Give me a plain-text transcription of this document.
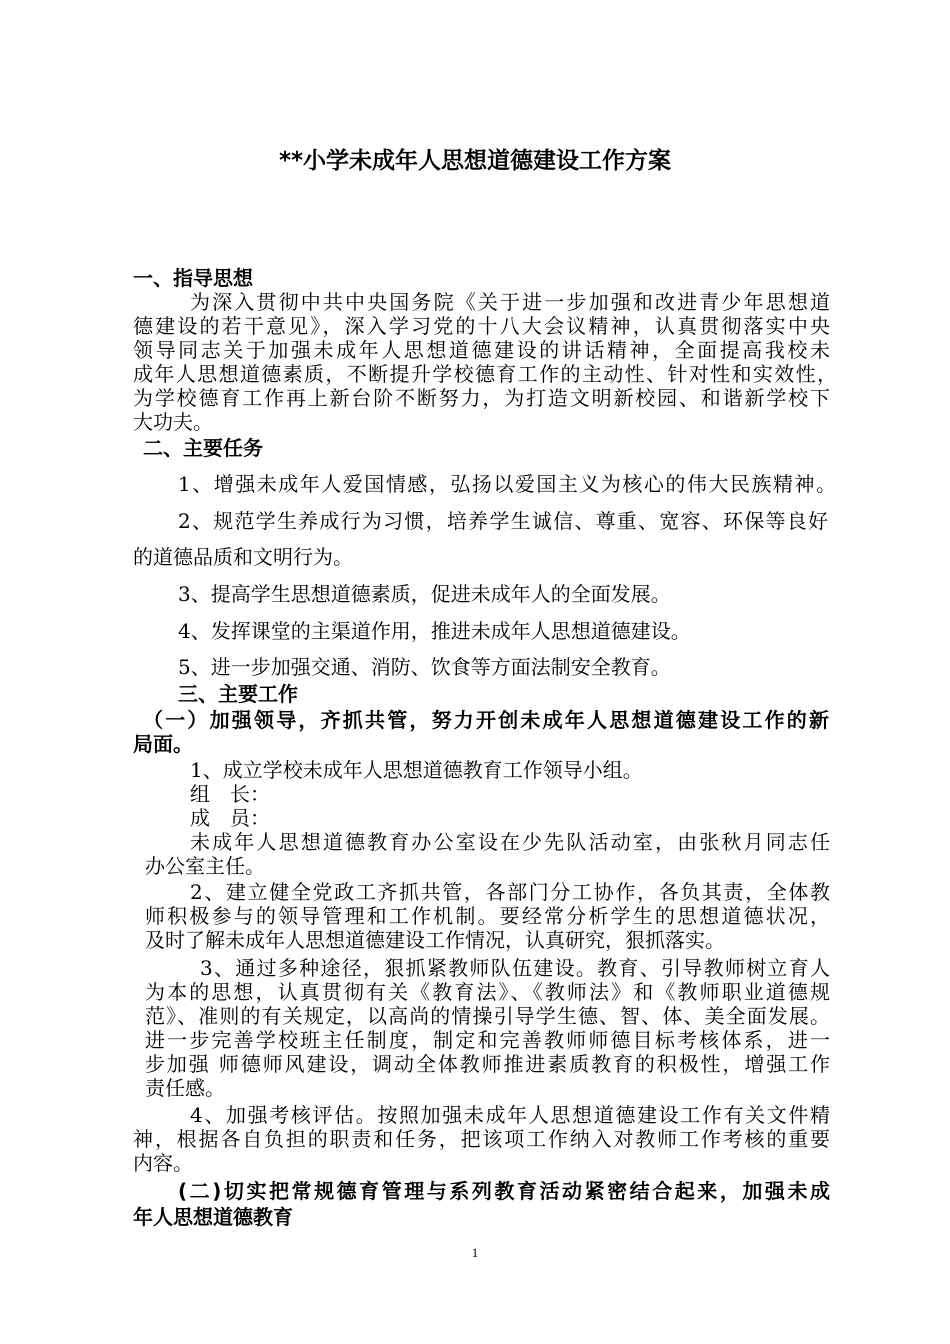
**小学未成年人思想道德建设工作方案
一、指导思想
为深入贯彻中共中央国务院《关于进一步加强和改进青少年思想道
德建设的若干意见》，深入学习党的十八大会议精神，认真贯彻落实中央
领导同志关于加强未成年人思想道德建设的讲话精神，全面提高我校未
成年人思想道德素质，不断提升学校德育工作的主动性、针对性和实效性，
为学校德育工作再上新台阶不断努力，为打造文明新校园、和谐新学校下
大功夫。
二、主要任务
1、增强未成年人爱国情感，弘扬以爱国主义为核心的伟大民族精神。
2、规范学生养成行为习惯，培养学生诚信、尊重、宽容、环保等良好
的道德品质和文明行为。
3、提高学生思想道德素质，促进未成年人的全面发展。
4、发挥课堂的主渠道作用，推进未成年人思想道德建设。
5、进一步加强交通、消防、饮食等方面法制安全教育。
三、主要工作
（一）加强领导，齐抓共管，努力开创未成年人思想道德建设工作的新
局面。
1、成立学校未成年人思想道德教育工作领导小组。
组　长：
成　员：
未成年人思想道德教育办公室设在少先队活动室，由张秋月同志任
办公室主任。
2、建立健全党政工齐抓共管，各部门分工协作，各负其责，全体教
师积极参与的领导管理和工作机制。要经常分析学生的思想道德状况，
及时了解未成年人思想道德建设工作情况，认真研究，狠抓落实。
3、通过多种途径，狠抓紧教师队伍建设。教育、引导教师树立育人
为本的思想，认真贯彻有关《教育法》、《教师法》和《教师职业道德规
范》、准则的有关规定，以高尚的情操引导学生德、智、体、美全面发展。
进一步完善学校班主任制度，制定和完善教师师德目标考核体系，进一
步加强 师德师风建设，调动全体教师推进素质教育的积极性，增强工作
责任感。
4、加强考核评估。按照加强未成年人思想道德建设工作有关文件精
神，根据各自负担的职责和任务，把该项工作纳入对教师工作考核的重要
内容。
(二)切实把常规德育管理与系列教育活动紧密结合起来，加强未成
年人思想道德教育
1
